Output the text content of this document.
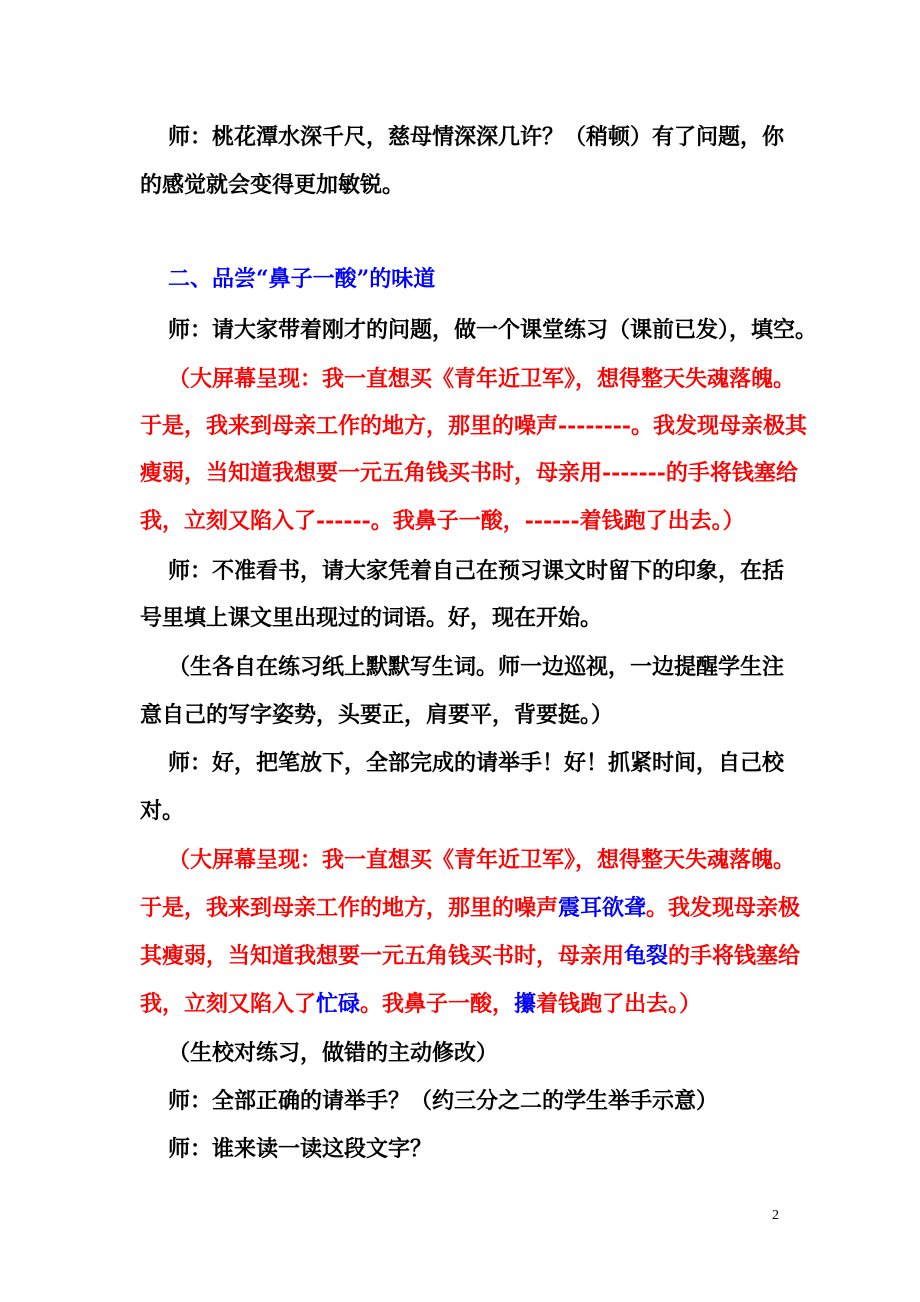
师：桃花潭水深千尺，慈母情深深几许？（稍顿）有了问题，你
的感觉就会变得更加敏锐。
二、品尝“鼻子一酸”的味道
师：请大家带着刚才的问题，做一个课堂练习（课前已发），填空。
（大屏幕呈现：我一直想买《青年近卫军》，想得整天失魂落魄。
于是，我来到母亲工作的地方，那里的噪声--------。我发现母亲极其
瘦弱，当知道我想要一元五角钱买书时，母亲用-------的手将钱塞给
我，立刻又陷入了------。我鼻子一酸，------着钱跑了出去。）
师：不准看书，请大家凭着自己在预习课文时留下的印象，在括
号里填上课文里出现过的词语。好，现在开始。
（生各自在练习纸上默默写生词。师一边巡视，一边提醒学生注
意自己的写字姿势，头要正，肩要平，背要挺。）
师：好，把笔放下，全部完成的请举手！好！抓紧时间，自己校
对。
（大屏幕呈现：我一直想买《青年近卫军》，想得整天失魂落魄。
于是，我来到母亲工作的地方，那里的噪声震耳欲聋。我发现母亲极
其瘦弱，当知道我想要一元五角钱买书时，母亲用龟裂的手将钱塞给
我，立刻又陷入了忙碌。我鼻子一酸，攥着钱跑了出去。）
（生校对练习，做错的主动修改）
师：全部正确的请举手？（约三分之二的学生举手示意）
师：谁来读一读这段文字？
2
